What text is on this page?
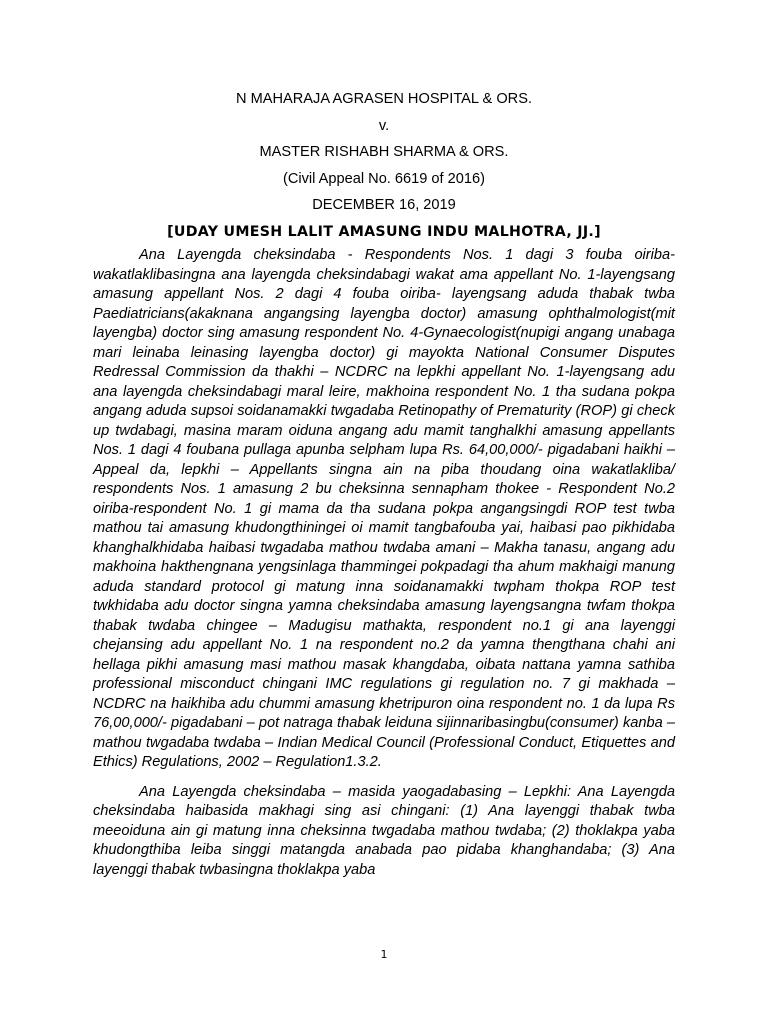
N MAHARAJA AGRASEN HOSPITAL & ORS.
v.
MASTER RISHABH SHARMA & ORS.
(Civil Appeal No. 6619 of 2016)
DECEMBER 16, 2019
[UDAY UMESH LALIT AMASUNG INDU MALHOTRA, JJ.]

Ana Layengda cheksindaba - Respondents Nos. 1 dagi 3 fouba oiriba-wakatlaklibasingna ana layengda cheksindabagi wakat ama appellant No. 1-layengsang amasung appellant Nos. 2 dagi 4 fouba oiriba- layengsang aduda thabak twba Paediatricians(akaknana angangsing layengba doctor) amasung ophthalmologist(mit layengba) doctor sing amasung respondent No. 4-Gynaecologist(nupigi angang unabaga mari leinaba leinasing layengba doctor) gi mayokta National Consumer Disputes Redressal Commission da thakhi – NCDRC na lepkhi appellant No. 1-layengsang adu ana layengda cheksindabagi maral leire, makhoina respondent No. 1 tha sudana pokpa angang aduda supsoi soidanamakki twgadaba Retinopathy of Prematurity (ROP) gi check up twdabagi, masina maram oiduna angang adu mamit tanghalkhi amasung appellants Nos. 1 dagi 4 foubana pullaga apunba selpham lupa Rs. 64,00,000/- pigadabani haikhi – Appeal da, lepkhi – Appellants singna ain na piba thoudang oina wakatlakliba/ respondents Nos. 1 amasung 2 bu cheksinna sennapham thokee - Respondent No.2 oiriba-respondent No. 1 gi mama da tha sudana pokpa angangsingdi ROP test twba mathou tai amasung khudongthiningei oi mamit tangbafouba yai, haibasi pao pikhidaba khanghalkhidaba haibasi twgadaba mathou twdaba amani – Makha tanasu, angang adu makhoina hakthengnana yengsinlaga thammingei pokpadagi tha ahum makhaigi manung aduda standard protocol gi matung inna soidanamakki twpham thokpa ROP test twkhidaba adu doctor singna yamna cheksindaba amasung layengsangna twfam thokpa thabak twdaba chingee – Madugisu mathakta, respondent no.1 gi ana layenggi chejansing adu appellant No. 1 na respondent no.2 da yamna thengthana chahi ani hellaga pikhi amasung masi mathou masak khangdaba, oibata nattana yamna sathiba professional misconduct chingani IMC regulations gi regulation no. 7 gi makhada – NCDRC na haikhiba adu chummi amasung khetripuron oina respondent no. 1 da lupa Rs 76,00,000/- pigadabani – pot natraga thabak leiduna sijinnaribasingbu(consumer) kanba – mathou twgadaba twdaba – Indian Medical Council (Professional Conduct, Etiquettes and Ethics) Regulations, 2002 – Regulation1.3.2.

Ana Layengda cheksindaba – masida yaogadabasing – Lepkhi: Ana Layengda cheksindaba haibasida makhagi sing asi chingani: (1) Ana layenggi thabak twba meeoiduna ain gi matung inna cheksinna twgadaba mathou twdaba; (2) thoklakpa yaba khudongthiba leiba singgi matangda anabada pao pidaba khanghandaba; (3) Ana layenggi thabak twbasingna thoklakpa yaba

1
